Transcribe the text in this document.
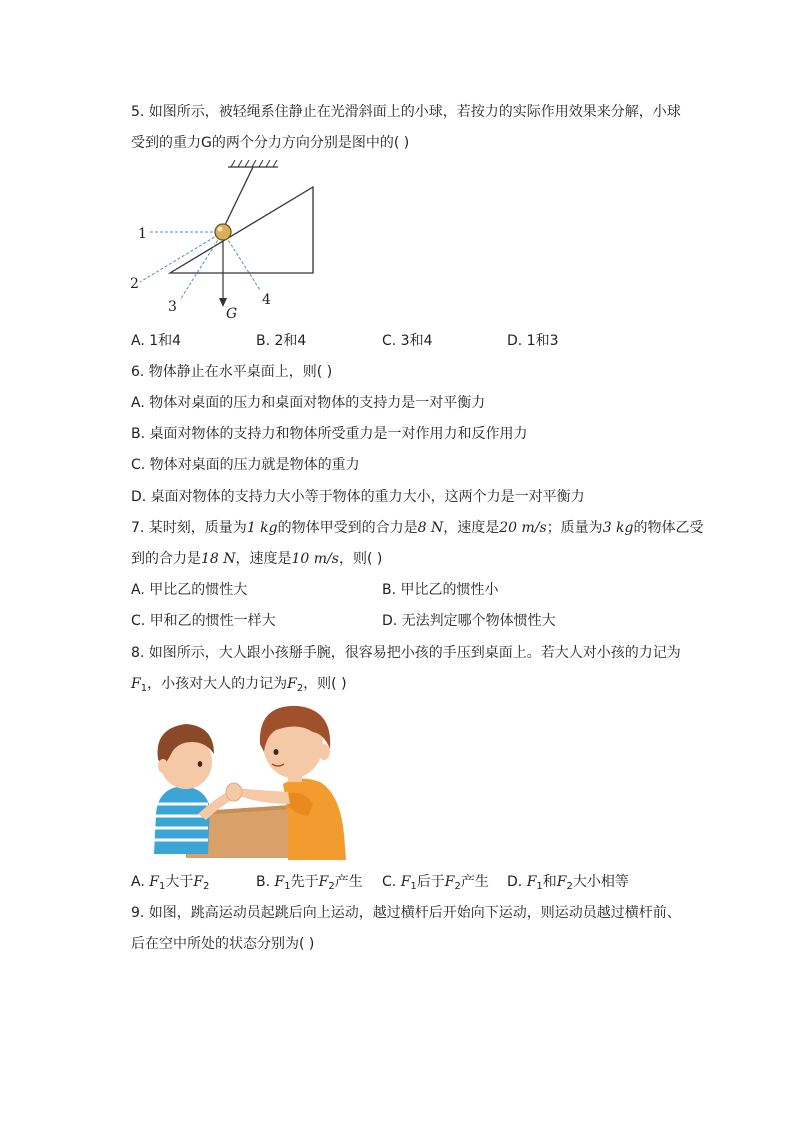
5. 如图所示，被轻绳系住静止在光滑斜面上的小球，若按力的实际作用效果来分解，小球
受到的重力G的两个分力方向分别是图中的( )
1
2
3	4
G
A. 1和4	B. 2和4	C. 3和4	D. 1和3
6. 物体静止在水平桌面上，则( )
A. 物体对桌面的压力和桌面对物体的支持力是一对平衡力
B. 桌面对物体的支持力和物体所受重力是一对作用力和反作用力
C. 物体对桌面的压力就是物体的重力
D. 桌面对物体的支持力大小等于物体的重力大小，这两个力是一对平衡力
7. 某时刻，质量为1 kg的物体甲受到的合力是8 N，速度是20 m/s；质量为3 kg的物体乙受
到的合力是18 N，速度是10 m/s，则( )
A. 甲比乙的惯性大	B. 甲比乙的惯性小
C. 甲和乙的惯性一样大	D. 无法判定哪个物体惯性大
8. 如图所示，大人跟小孩掰手腕，很容易把小孩的手压到桌面上。若大人对小孩的力记为
$F_1$，小孩对大人的力记为$F_2$，则( )
A. $F_1$大于$F_2$	B. $F_1$先于$F_2$产生 C. $F_1$后于$F_2$产生 D. $F_1$和$F_2$大小相等
9. 如图，跳高运动员起跳后向上运动，越过横杆后开始向下运动，则运动员越过横杆前、
后在空中所处的状态分别为( )
